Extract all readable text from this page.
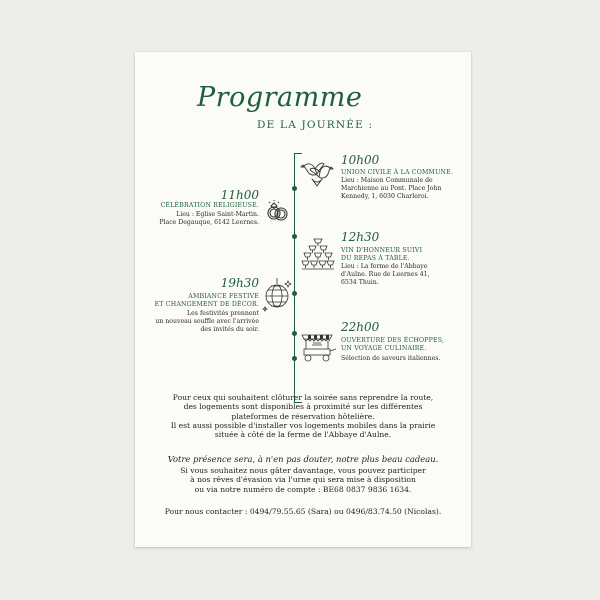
Programme
DE LA JOURNÉE :
10h00
UNION CIVILE À LA COMMUNE.
Lieu : Maison Communale de
Marchienne au Pont. Place John
Kennedy, 1, 6030 Charleroi.
11h00
CÉLÉBRATION RELIGIEUSE.
Lieu : Eglise Saint-Martin.
Place Degauque, 6142 Leernes.
12h30
VIN D'HONNEUR SUIVI
DU REPAS À TABLE.
Lieu : La ferme de l'Abbaye
d'Aulne. Rue de Leernes 41,
6534 Thuin.
19h30
AMBIANCE FESTIVE
ET CHANGEMENT DE DÉCOR.
Les festivités prennent
un nouveau souffle avec l'arrivée
des invités du soir.	22h00
OUVERTURE DES ÉCHOPPES,
UN VOYAGE CULINAIRE.
Sélection de saveurs italiennes.
Pour ceux qui souhaitent clôturer la soirée sans reprendre la route,
des logements sont disponibles à proximité sur les différentes
plateformes de réservation hôtelière.
Il est aussi possible d'installer vos logements mobiles dans la prairie
située à côté de la ferme de l'Abbaye d'Aulne.
Votre présence sera, à n'en pas douter, notre plus beau cadeau.
Si vous souhaitez nous gâter davantage, vous pouvez participer
à nos rêves d'évasion via l'urne qui sera mise à disposition
ou via notre numéro de compte : BE68 0837 9836 1634.
Pour nous contacter : 0494/79.55.65 (Sara) ou 0496/83.74.50 (Nicolas).
